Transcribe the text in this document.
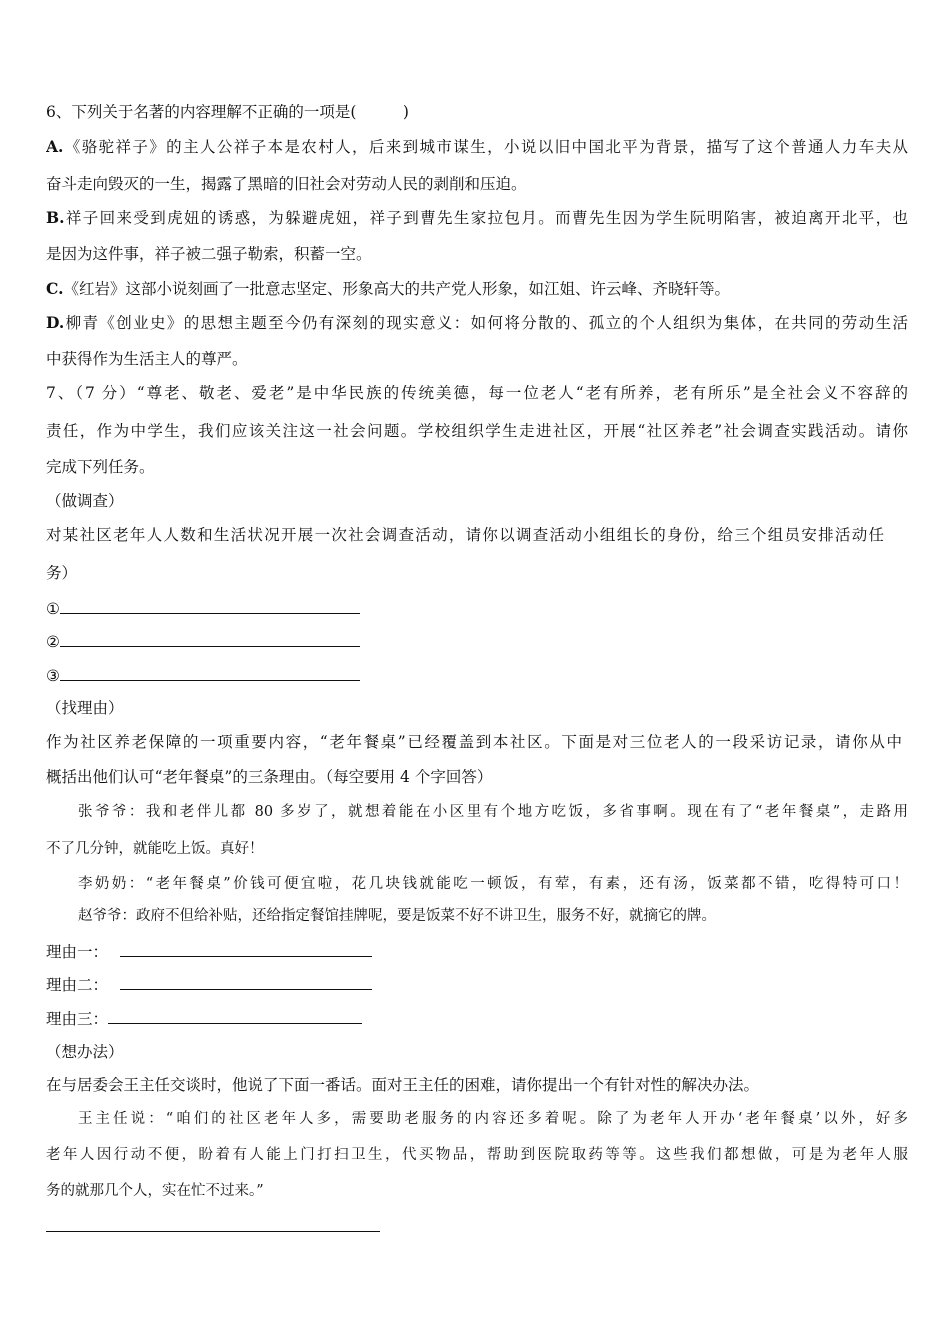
6、下列关于名著的内容理解不正确的一项是(　　　)
A.《骆驼祥子》的主人公祥子本是农村人，后来到城市谋生，小说以旧中国北平为背景，描写了这个普通人力车夫从
奋斗走向毁灭的一生，揭露了黑暗的旧社会对劳动人民的剥削和压迫。
B.祥子回来受到虎妞的诱惑，为躲避虎妞，祥子到曹先生家拉包月。而曹先生因为学生阮明陷害，被迫离开北平，也
是因为这件事，祥子被二强子勒索，积蓄一空。
C.《红岩》这部小说刻画了一批意志坚定、形象高大的共产党人形象，如江姐、许云峰、齐晓轩等。
D.柳青《创业史》的思想主题至今仍有深刻的现实意义：如何将分散的、孤立的个人组织为集体，在共同的劳动生活
中获得作为生活主人的尊严。
7、（7 分）“尊老、敬老、爱老”是中华民族的传统美德，每一位老人“老有所养，老有所乐”是全社会义不容辞的
责任，作为中学生，我们应该关注这一社会问题。学校组织学生走进社区，开展“社区养老”社会调查实践活动。请你
完成下列任务。
（做调查）
对某社区老年人人数和生活状况开展一次社会调查活动，请你以调查活动小组组长的身份，给三个组员安排活动任
务）
①
②
③
（找理由）
作为社区养老保障的一项重要内容，“老年餐桌”已经覆盖到本社区。下面是对三位老人的一段采访记录，请你从中
概括出他们认可“老年餐桌”的三条理由。（每空要用 4 个字回答）
张爷爷：我和老伴儿都 80 多岁了，就想着能在小区里有个地方吃饭，多省事啊。现在有了“老年餐桌”，走路用
不了几分钟，就能吃上饭。真好！
李奶奶：“老年餐桌”价钱可便宜啦，花几块钱就能吃一顿饭，有荤，有素，还有汤，饭菜都不错，吃得特可口！
赵爷爷：政府不但给补贴，还给指定餐馆挂牌呢，要是饭菜不好不讲卫生，服务不好，就摘它的牌。
理由一：
理由二：
理由三：
（想办法）
在与居委会王主任交谈时，他说了下面一番话。面对王主任的困难，请你提出一个有针对性的解决办法。
王主任说：“咱们的社区老年人多，需要助老服务的内容还多着呢。除了为老年人开办‘老年餐桌’以外，好多
老年人因行动不便，盼着有人能上门打扫卫生，代买物品，帮助到医院取药等等。这些我们都想做，可是为老年人服
务的就那几个人，实在忙不过来。”
